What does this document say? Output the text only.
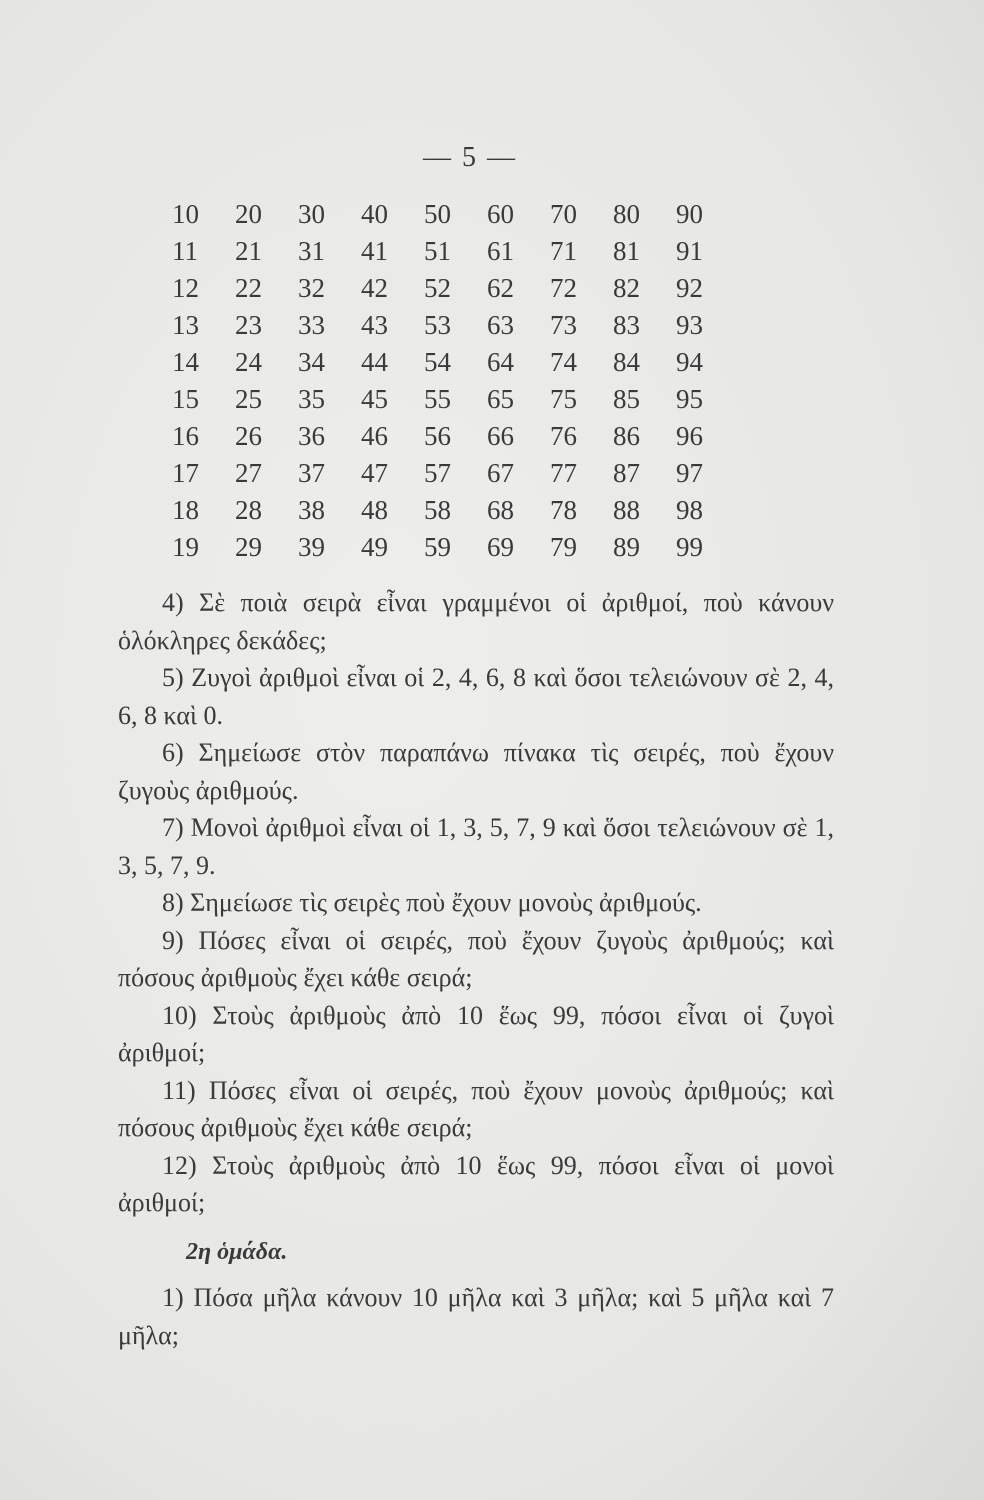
— 5 —
10	20	30	40	50	60	70	80	90
11	21	31	41	51	61	71	81	91
12	22	32	42	52	62	72	82	92
13	23	33	43	53	63	73	83	93
14	24	34	44	54	64	74	84	94
15	25	35	45	55	65	75	85	95
16	26	36	46	56	66	76	86	96
17	27	37	47	57	67	77	87	97
18	28	38	48	58	68	78	88	98
19	29	39	49	59	69	79	89	99

4) Σὲ ποιὰ σειρὰ εἶναι γραμμένοι οἱ ἀριθμοί, ποὺ κάνουν ὁλόκληρες δεκάδες;

5) Ζυγοὶ ἀριθμοὶ εἶναι οἱ 2, 4, 6, 8 καὶ ὅσοι τελειώνουν σὲ 2, 4, 6, 8 καὶ 0.

6) Σημείωσε στὸν παραπάνω πίνακα τὶς σειρές, ποὺ ἔχουν ζυγοὺς ἀριθμούς.

7) Μονοὶ ἀριθμοὶ εἶναι οἱ 1, 3, 5, 7, 9 καὶ ὅσοι τελειώνουν σὲ 1, 3, 5, 7, 9.

8) Σημείωσε τὶς σειρὲς ποὺ ἔχουν μονοὺς ἀριθμούς.

9) Πόσες εἶναι οἱ σειρές, ποὺ ἔχουν ζυγοὺς ἀριθμούς; καὶ πόσους ἀριθμοὺς ἔχει κάθε σειρά;

10) Στοὺς ἀριθμοὺς ἀπὸ 10 ἕως 99, πόσοι εἶναι οἱ ζυγοὶ ἀριθμοί;

11) Πόσες εἶναι οἱ σειρές, ποὺ ἔχουν μονοὺς ἀριθμούς; καὶ πόσους ἀριθμοὺς ἔχει κάθε σειρά;

12) Στοὺς ἀριθμοὺς ἀπὸ 10 ἕως 99, πόσοι εἶναι οἱ μονοὶ ἀριθμοί;

2η ὁμάδα.

1) Πόσα μῆλα κάνουν 10 μῆλα καὶ 3 μῆλα; καὶ 5 μῆλα καὶ 7 μῆλα;
